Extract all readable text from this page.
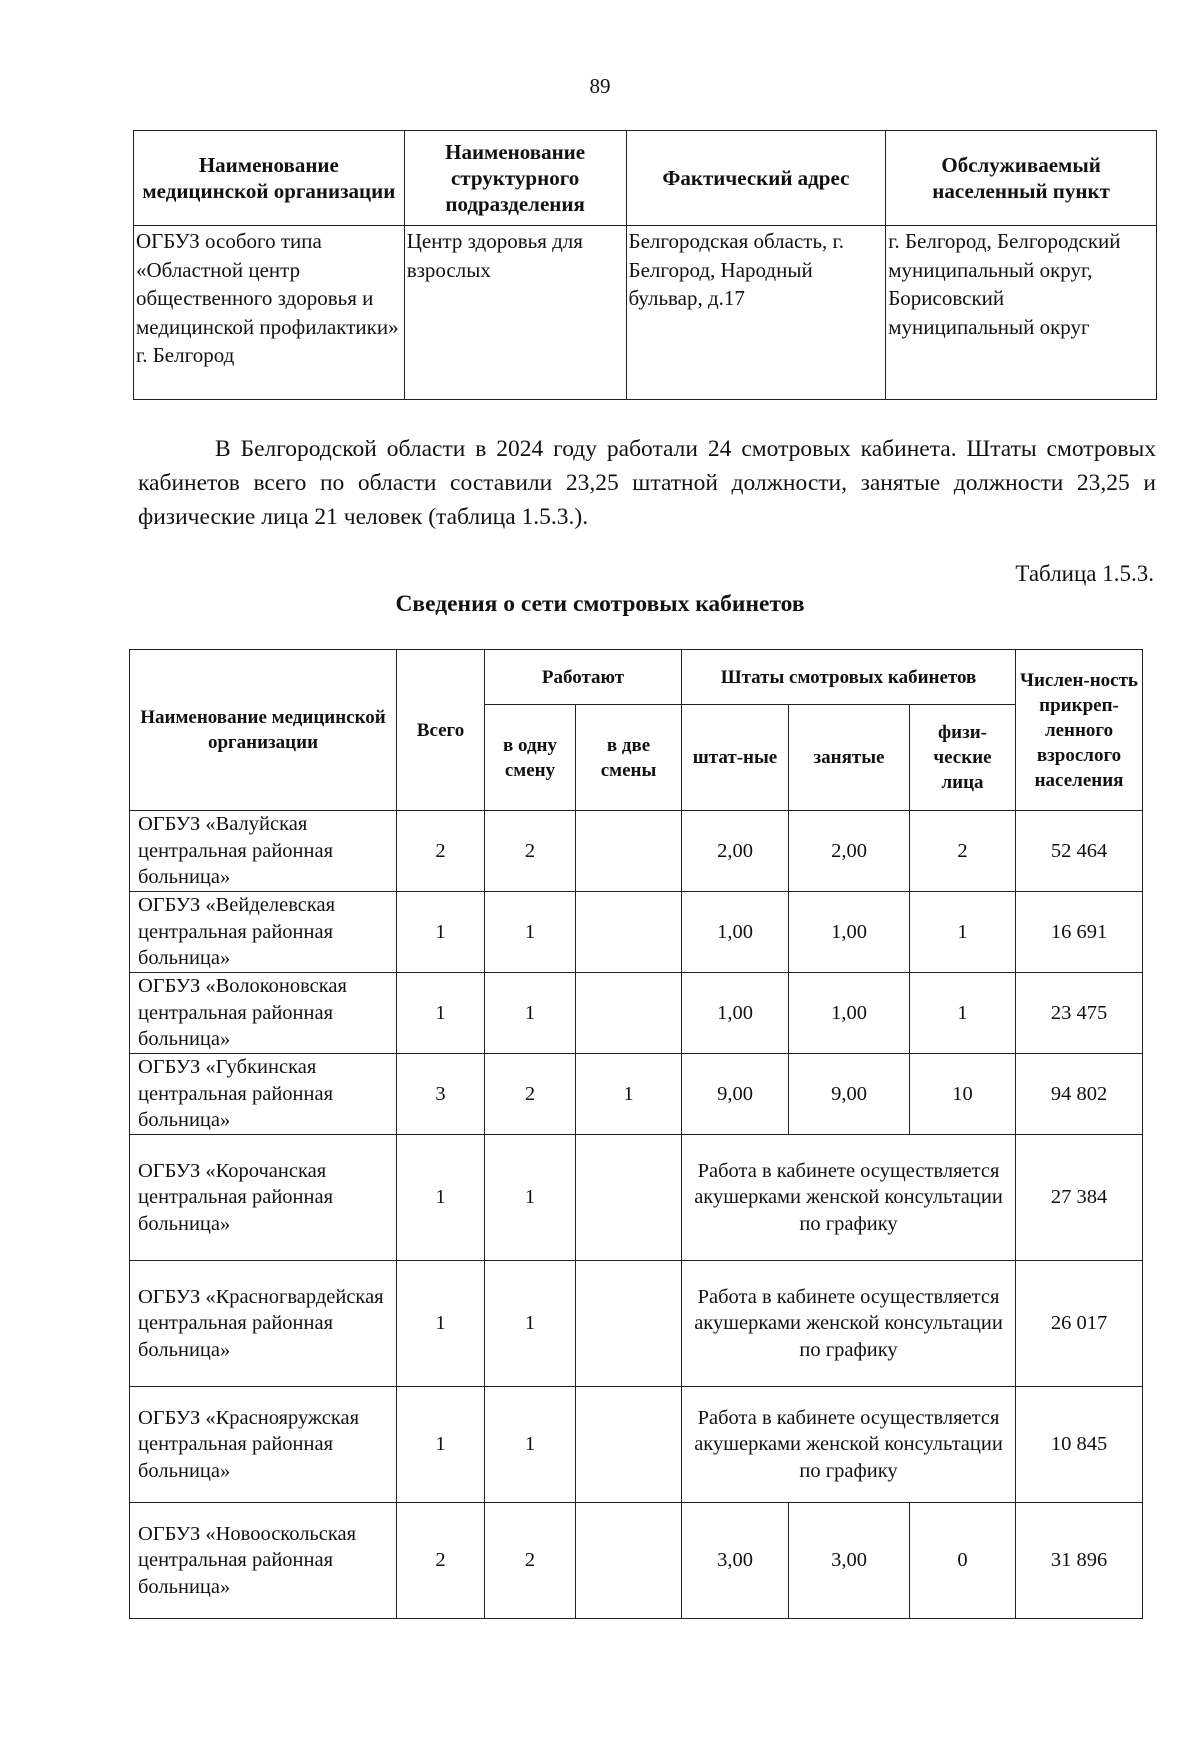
89
Наименование медицинской организации	Наименование структурного подразделения	Фактический адрес	Обслуживаемый населенный пункт
ОГБУЗ особого типа «Областной центр общественного здоровья и медицинской профилактики» г. Белгород	Центр здоровья для взрослых	Белгородская область, г. Белгород, Народный бульвар, д.17	г. Белгород, Белгородский муниципальный округ, Борисовский муниципальный округ
В Белгородской области в 2024 году работали 24 смотровых кабинета. Штаты смотровых кабинетов всего по области составили 23,25 штатной должности, занятые должности 23,25 и физические лица 21 человек (таблица 1.5.3.).
Таблица 1.5.3.
Сведения о сети смотровых кабинетов
Наименование медицинской организации	Всего	Работают		Штаты смотровых кабинетов			Числен-ность прикреп-ленного взрослого населения
		в одну смену	в две смены	штат-ные	занятые	физи-ческие лица	
ОГБУЗ «Валуйская центральная районная больница»	2	2		2,00	2,00	2	52 464
ОГБУЗ «Вейделевская центральная районная больница»	1	1		1,00	1,00	1	16 691
ОГБУЗ «Волоконовская центральная районная больница»	1	1		1,00	1,00	1	23 475
ОГБУЗ «Губкинская центральная районная больница»	3	2	1	9,00	9,00	10	94 802
ОГБУЗ «Корочанская центральная районная больница»	1	1		Работа в кабинете осуществляется акушерками женской консультации по графику			27 384
ОГБУЗ «Красногвардейская центральная районная больница»	1	1		Работа в кабинете осуществляется акушерками женской консультации по графику			26 017
ОГБУЗ «Краснояружская центральная районная больница»	1	1		Работа в кабинете осуществляется акушерками женской консультации по графику			10 845
ОГБУЗ «Новооскольская центральная районная больница»	2	2		3,00	3,00	0	31 896
